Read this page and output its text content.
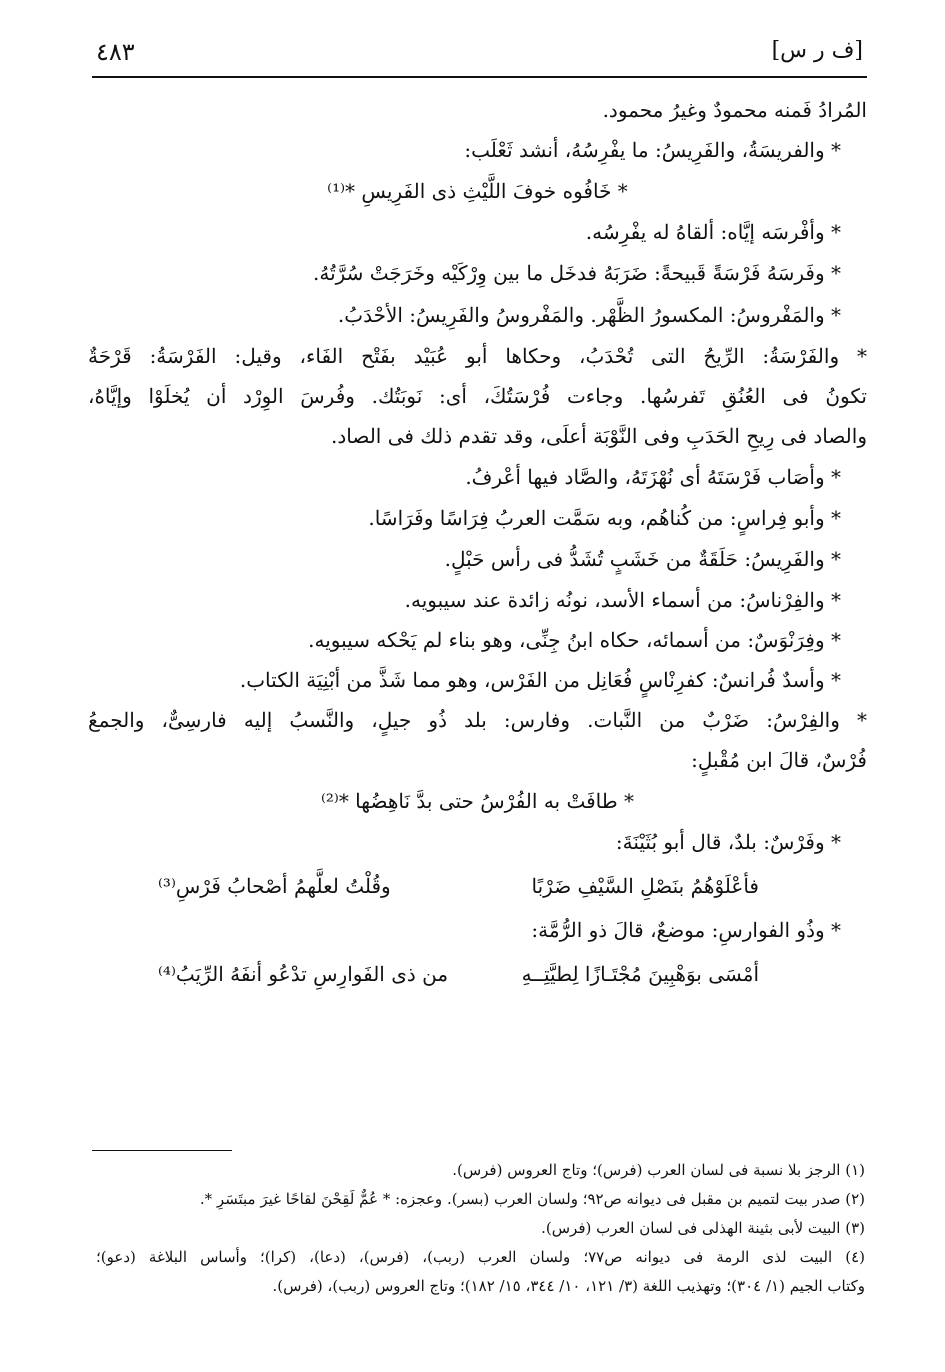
[ف ر س]
٤٨٣
المُرادُ فَمنه محمودٌ وغيرُ محمود.
* والفريسَةُ، والفَرِيسُ: ما يفْرِسُهُ، أنشد ثَعْلَب:
* خَافُوه خوفَ اللَّيْثِ ذى الفَرِيسِ *⁽¹⁾
* وأفْرسَه إيَّاه: ألقاهُ له يفْرِسُه.
* وفَرسَهُ فَرْسَةً قَبيحةً: ضَرَبَهُ فدخَل ما بين وِرْكَيْه وخَرَجَتْ سُرَّتُهُ.
* والمَفْروسُ: المكسورُ الظَّهْر. والمَفْروسُ والفَرِيسُ: الأحْدَبُ.
* والفَرْسَةُ: الرِّيحُ التى تُحْدَبُ، وحكاها أبو عُبَيْد بفَتْح الفَاء، وقيل: الفَرْسَةُ: قَرْحَةٌ
تكونُ فى العُنُقِ تَفرسُها. وجاءت فُرْسَتُكَ، أى: نَوبَتُك. وفُرسَ الوِرْد أن يُخلَوْا وإيَّاهُ،
والصاد فى رِيحِ الحَدَبِ وفى النَّوْبَة أعلَى، وقد تقدم ذلك فى الصاد.
* وأصَاب فَرْسَتَهُ أى نُهْزَتَهُ، والصَّاد فيها أعْرفُ.
* وأبو فِراسٍ: من كُناهُم، وبه سَمَّت العربُ فِرَاسًا وفَرَاسًا.
* والفَرِيسُ: حَلَقَةٌ من خَشَبٍ تُشَدُّ فى رأس حَبْلٍ.
* والفِرْناسُ: من أسماء الأسد، نونُه زائدة عند سيبويه.
* وفِرَنْوَسٌ: من أسمائه، حكاه ابنُ جِنِّى، وهو بناء لم يَحْكه سيبويه.
* وأسدٌ فُرانسٌ: كفرِنْاسٍ فُعَانِل من الفَرْس، وهو مما شَذَّ من أبْنِيَة الكتاب.
* والفِرْسُ: ضَرْبٌ من النَّبات. وفارس: بلد ذُو جيلٍ، والنَّسبُ إليه فارسِىٌّ، والجمعُ
فُرْسٌ، قالَ ابن مُقْبلٍ:
* طافَتْ به الفُرْسُ حتى بدَّ نَاهِضُها *⁽²⁾
* وفَرْسٌ: بلدٌ، قال أبو بُثَيْنَةَ:
فأعْلَوْهُمُ بنَصْلِ السَّيْفِ ضَرْبًا
وقُلْتُ لعلَّهمُ أصْحابُ فَرْسِ⁽³⁾
* وذُو الفوارسِ: موضعٌ، قالَ ذو الرُّمَّة:
أمْسَى بوَهْبِينَ مُجْتَـازًا لِطيَّتِــهِ
من ذى الفَوارِسِ تدْعُو أنفَهُ الرِّيَبُ⁽⁴⁾
(١) الرجز بلا نسبة فى لسان العرب (فرس)؛ وتاج العروس (فرس).
(٢) صدر بيت لتميم بن مقبل فى ديوانه ص٩٢؛ ولسان العرب (بسر). وعجزه: * عُمٌّ لَقِحْنَ لقاحًا غيرَ مبتَسَرِ *.
(٣) البيت لأبى بثينة الهذلى فى لسان العرب (فرس).
(٤) البيت لذى الرمة فى ديوانه ص٧٧؛ ولسان العرب (ربب)، (فرس)، (دعا)، (كرا)؛ وأساس البلاغة (دعو)؛
وكتاب الجيم (١/ ٣٠٤)؛ وتهذيب اللغة (٣/ ١٢١، ١٠/ ٣٤٤، ١٥/ ١٨٢)؛ وتاج العروس (ربب)، (فرس).
